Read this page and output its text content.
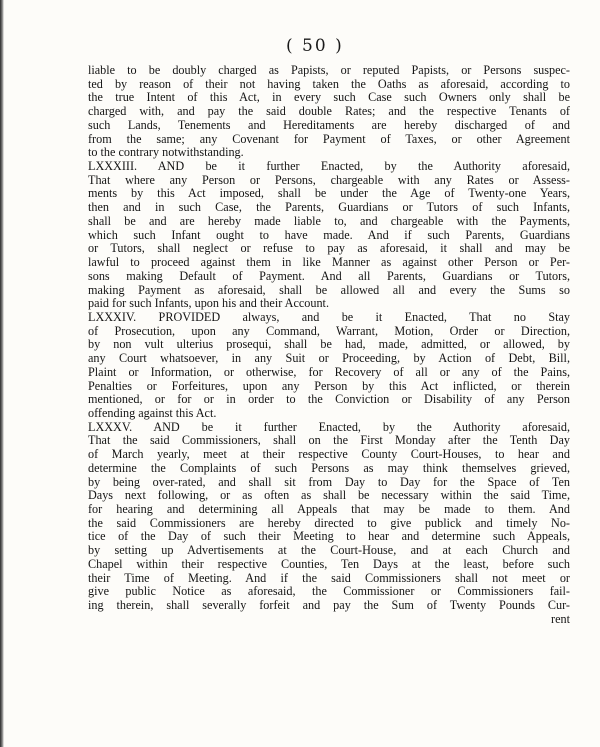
( 50 )
liable to be doubly charged as Papists, or reputed Papists, or Persons suspec-
ted by reason of their not having taken the Oaths as aforesaid, according to
the true Intent of this Act, in every such Case such Owners only shall be
charged with, and pay the said double Rates; and the respective Tenants of
such Lands, Tenements and Hereditaments are hereby discharged of and
from the same; any Covenant for Payment of Taxes, or other Agreement
to the contrary notwithstanding.
LXXXIII. AND be it further Enacted, by the Authority aforesaid,
That where any Person or Persons, chargeable with any Rates or Assess-
ments by this Act imposed, shall be under the Age of Twenty-one Years,
then and in such Case, the Parents, Guardians or Tutors of such Infants,
shall be and are hereby made liable to, and chargeable with the Payments,
which such Infant ought to have made. And if such Parents, Guardians
or Tutors, shall neglect or refuse to pay as aforesaid, it shall and may be
lawful to proceed against them in like Manner as against other Person or Per-
sons making Default of Payment. And all Parents, Guardians or Tutors,
making Payment as aforesaid, shall be allowed all and every the Sums so
paid for such Infants, upon his and their Account.
LXXXIV. PROVIDED always, and be it Enacted, That no Stay
of Prosecution, upon any Command, Warrant, Motion, Order or Direction,
by non vult ulterius prosequi, shall be had, made, admitted, or allowed, by
any Court whatsoever, in any Suit or Proceeding, by Action of Debt, Bill,
Plaint or Information, or otherwise, for Recovery of all or any of the Pains,
Penalties or Forfeitures, upon any Person by this Act inflicted, or therein
mentioned, or for or in order to the Conviction or Disability of any Person
offending against this Act.
LXXXV. AND be it further Enacted, by the Authority aforesaid,
That the said Commissioners, shall on the First Monday after the Tenth Day
of March yearly, meet at their respective County Court-Houses, to hear and
determine the Complaints of such Persons as may think themselves grieved,
by being over-rated, and shall sit from Day to Day for the Space of Ten
Days next following, or as often as shall be necessary within the said Time,
for hearing and determining all Appeals that may be made to them. And
the said Commissioners are hereby directed to give publick and timely No-
tice of the Day of such their Meeting to hear and determine such Appeals,
by setting up Advertisements at the Court-House, and at each Church and
Chapel within their respective Counties, Ten Days at the least, before such
their Time of Meeting. And if the said Commissioners shall not meet or
give public Notice as aforesaid, the Commissioner or Commissioners fail-
ing therein, shall severally forfeit and pay the Sum of Twenty Pounds Cur-
rent
